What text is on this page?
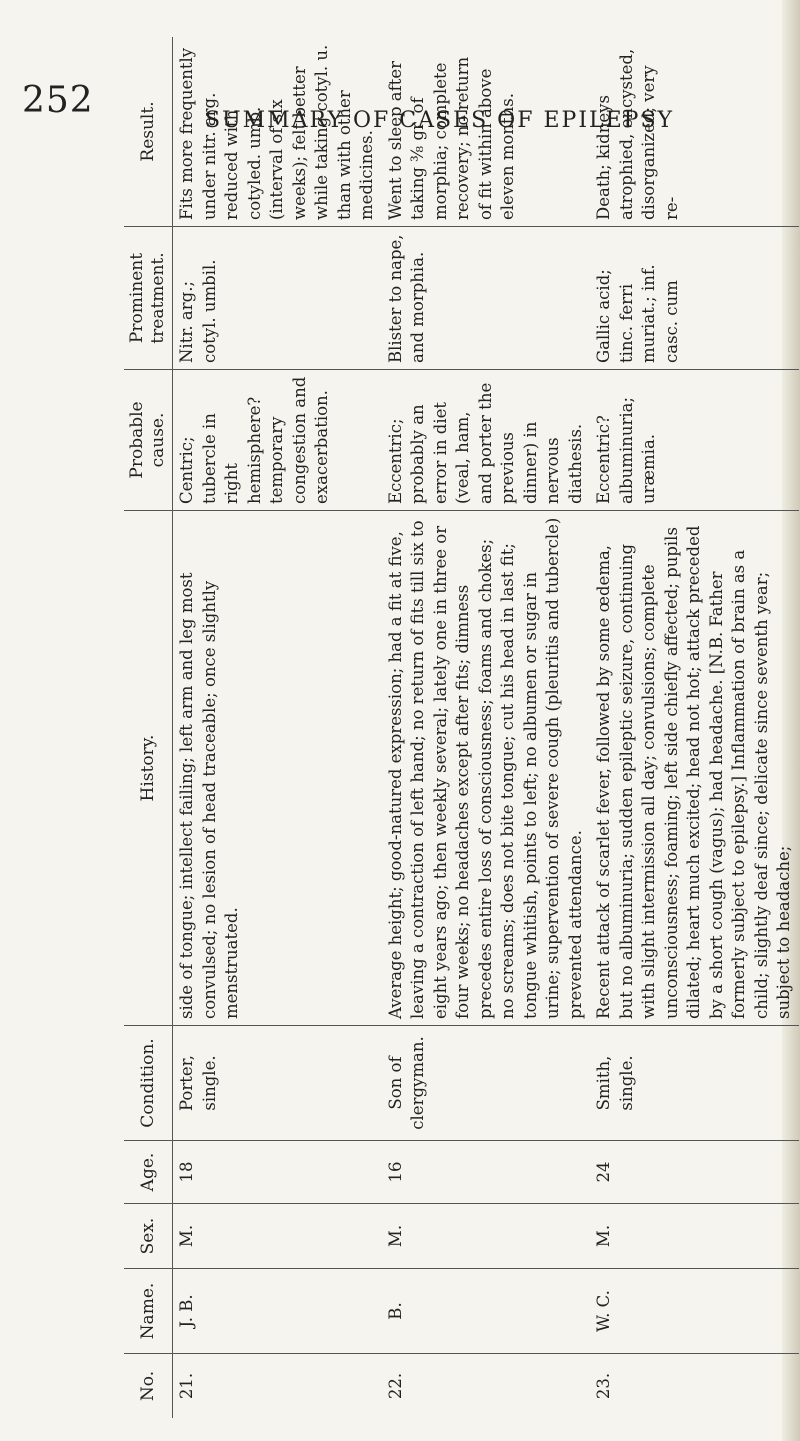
252	SUMMARY OF CASES OF EPILEPSY
No.	Name.	Sex.	Age.	Condition.	History.	Probable cause.	Prominent treatment.	Result.
21.	J. B.	M.	18	Porter, single.	side of tongue; intellect failing; left arm and leg most convulsed; no lesion of head traceable; once slightly menstruated.	Centric; tubercle in right hemisphere? temporary congestion and exacerbation.	Nitr. arg.; cotyl. umbil.	Fits more frequently under nitr. arg. reduced with cotyled. umb. (interval of six weeks); felt better while taking cotyl. u. than with other medicines.
22.	B.	M.	16	Son of clergyman.	Average height; good-natured expression; had a fit at five, leaving a contraction of left hand; no return of fits till six to eight years ago; then weekly several; lately one in three or four weeks; no headaches except after fits; dimness precedes entire loss of consciousness; foams and chokes; no screams; does not bite tongue; cut his head in last fit; tongue whitish, points to left; no albumen or sugar in urine; supervention of severe cough (pleuritis and tubercle) prevented attendance.	Eccentric; probably an error in diet (veal, ham, and porter the previous dinner) in nervous diathesis.	Blister to nape, and morphia.	Went to sleep after taking ⅜ gr. of morphia; complete recovery; no return of fit within above eleven months.
23.	W. C.	M.	24	Smith, single.	Recent attack of scarlet fever, followed by some œdema, but no albuminuria; sudden epileptic seizure, continuing with slight intermission all day; convulsions; complete unconsciousness; foaming; left side chiefly affected; pupils dilated; heart much excited; head not hot; attack preceded by a short cough (vagus); had headache. [N.B. Father formerly subject to epilepsy.] Inflammation of brain as a child; slightly deaf since; delicate since seventh year; subject to headache;	Eccentric? albuminuria; uræmia.	Gallic acid; tinc. ferri muriat.; inf. casc. cum	Death; kidneys atrophied, encysted, disorganized; very re-
